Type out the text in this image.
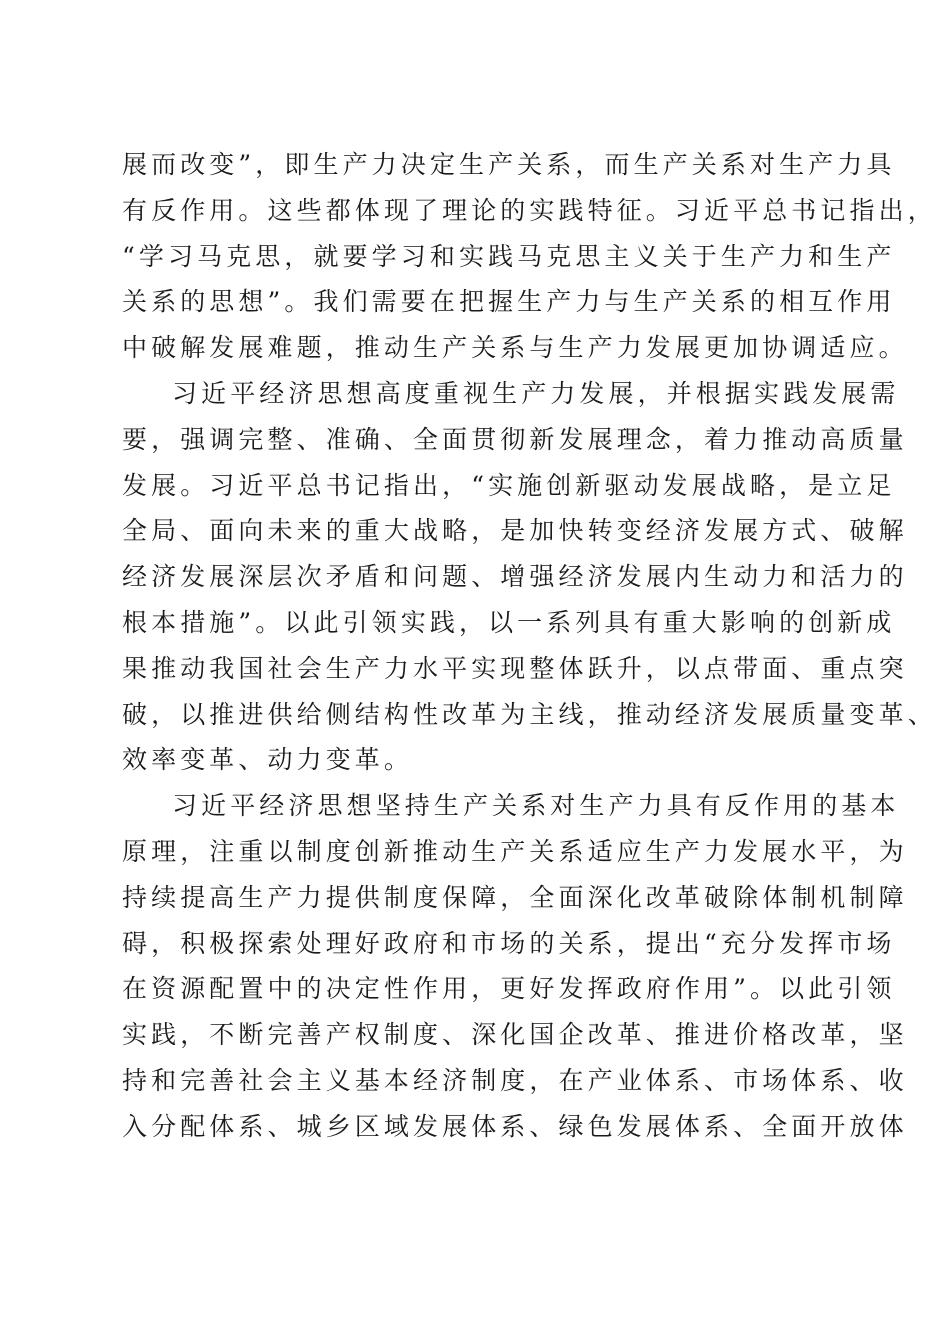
展而改变”，即生产力决定生产关系，而生产关系对生产力具
有反作用。这些都体现了理论的实践特征。习近平总书记指出，
“学习马克思，就要学习和实践马克思主义关于生产力和生产
关系的思想”。我们需要在把握生产力与生产关系的相互作用
中破解发展难题，推动生产关系与生产力发展更加协调适应。
习近平经济思想高度重视生产力发展，并根据实践发展需
要，强调完整、准确、全面贯彻新发展理念，着力推动高质量
发展。习近平总书记指出，“实施创新驱动发展战略，是立足
全局、面向未来的重大战略，是加快转变经济发展方式、破解
经济发展深层次矛盾和问题、增强经济发展内生动力和活力的
根本措施”。以此引领实践，以一系列具有重大影响的创新成
果推动我国社会生产力水平实现整体跃升，以点带面、重点突
破，以推进供给侧结构性改革为主线，推动经济发展质量变革、
效率变革、动力变革。
习近平经济思想坚持生产关系对生产力具有反作用的基本
原理，注重以制度创新推动生产关系适应生产力发展水平，为
持续提高生产力提供制度保障，全面深化改革破除体制机制障
碍，积极探索处理好政府和市场的关系，提出“充分发挥市场
在资源配置中的决定性作用，更好发挥政府作用”。以此引领
实践，不断完善产权制度、深化国企改革、推进价格改革，坚
持和完善社会主义基本经济制度，在产业体系、市场体系、收
入分配体系、城乡区域发展体系、绿色发展体系、全面开放体
